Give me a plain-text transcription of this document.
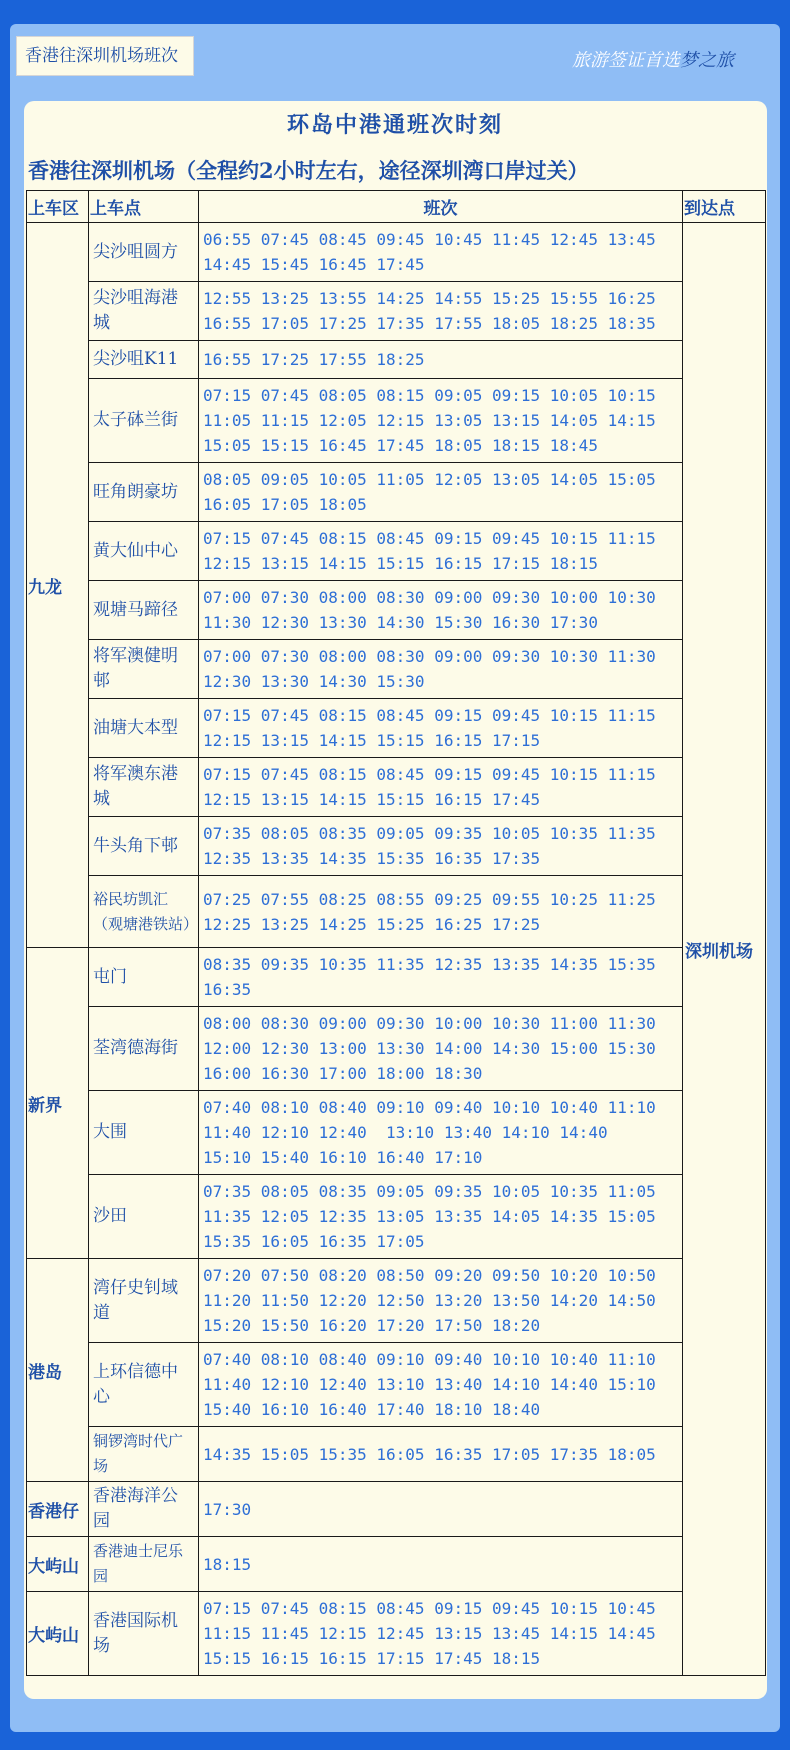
香港往深圳机场班次	旅游签证首选梦之旅
环岛中港通班次时刻
香港往深圳机场（全程约2小时左右，途径深圳湾口岸过关）
上车区	上车点	班次	到达点
九龙	尖沙咀圆方	06:55 07:45 08:45 09:45 10:45 11:45 12:45 13:45
14:45 15:45 16:45 17:45	深圳机场
	尖沙咀海港城	12:55 13:25 13:55 14:25 14:55 15:25 15:55 16:25
16:55 17:05 17:25 17:35 17:55 18:05 18:25 18:35	
	尖沙咀K11	16:55 17:25 17:55 18:25	
	太子砵兰街	07:15 07:45 08:05 08:15 09:05 09:15 10:05 10:15
11:05 11:15 12:05 12:15 13:05 13:15 14:05 14:15
15:05 15:15 16:45 17:45 18:05 18:15 18:45	
	旺角朗豪坊	08:05 09:05 10:05 11:05 12:05 13:05 14:05 15:05
16:05 17:05 18:05	
	黄大仙中心	07:15 07:45 08:15 08:45 09:15 09:45 10:15 11:15
12:15 13:15 14:15 15:15 16:15 17:15 18:15	
	观塘马蹄径	07:00 07:30 08:00 08:30 09:00 09:30 10:00 10:30
11:30 12:30 13:30 14:30 15:30 16:30 17:30	
	将军澳健明邨	07:00 07:30 08:00 08:30 09:00 09:30 10:30 11:30
12:30 13:30 14:30 15:30	
	油塘大本型	07:15 07:45 08:15 08:45 09:15 09:45 10:15 11:15
12:15 13:15 14:15 15:15 16:15 17:15	
	将军澳东港城	07:15 07:45 08:15 08:45 09:15 09:45 10:15 11:15
12:15 13:15 14:15 15:15 16:15 17:45	
	牛头角下邨	07:35 08:05 08:35 09:05 09:35 10:05 10:35 11:35
12:35 13:35 14:35 15:35 16:35 17:35	
	裕民坊凯汇（观塘港铁站）	07:25 07:55 08:25 08:55 09:25 09:55 10:25 11:25
12:25 13:25 14:25 15:25 16:25 17:25	
新界	屯门	08:35 09:35 10:35 11:35 12:35 13:35 14:35 15:35
16:35	
	荃湾德海街	08:00 08:30 09:00 09:30 10:00 10:30 11:00 11:30
12:00 12:30 13:00 13:30 14:00 14:30 15:00 15:30
16:00 16:30 17:00 18:00 18:30	
	大围	07:40 08:10 08:40 09:10 09:40 10:10 10:40 11:10
11:40 12:10 12:40  13:10 13:40 14:10 14:40
15:10 15:40 16:10 16:40 17:10	
	沙田	07:35 08:05 08:35 09:05 09:35 10:05 10:35 11:05
11:35 12:05 12:35 13:05 13:35 14:05 14:35 15:05
15:35 16:05 16:35 17:05	
港岛	湾仔史钊域道	07:20 07:50 08:20 08:50 09:20 09:50 10:20 10:50
11:20 11:50 12:20 12:50 13:20 13:50 14:20 14:50
15:20 15:50 16:20 17:20 17:50 18:20	
	上环信德中心	07:40 08:10 08:40 09:10 09:40 10:10 10:40 11:10
11:40 12:10 12:40 13:10 13:40 14:10 14:40 15:10
15:40 16:10 16:40 17:40 18:10 18:40	
	铜锣湾时代广场	14:35 15:05 15:35 16:05 16:35 17:05 17:35 18:05	
香港仔	香港海洋公园	17:30	
大屿山	香港迪士尼乐园	18:15	
大屿山	香港国际机场	07:15 07:45 08:15 08:45 09:15 09:45 10:15 10:45
11:15 11:45 12:15 12:45 13:15 13:45 14:15 14:45
15:15 16:15 16:15 17:15 17:45 18:15	
